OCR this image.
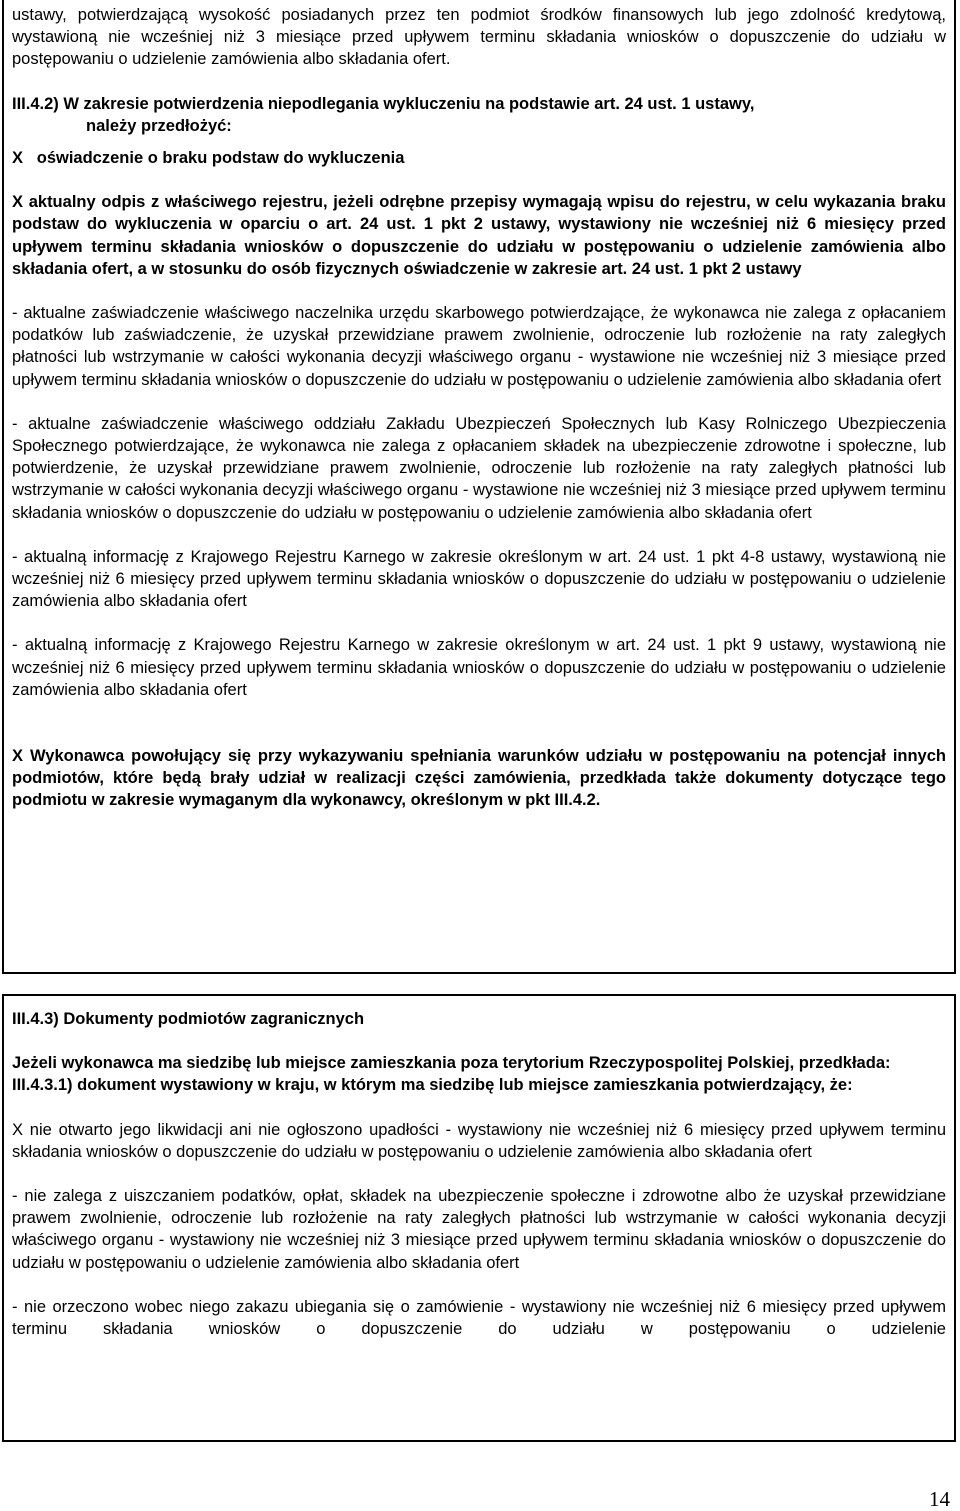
ustawy, potwierdzającą wysokość posiadanych przez ten podmiot środków finansowych lub jego zdolność kredytową, wystawioną nie wcześniej niż 3 miesiące przed upływem terminu składania wniosków o dopuszczenie do udziału w postępowaniu o udzielenie zamówienia albo składania ofert.

III.4.2) W zakresie potwierdzenia niepodlegania wykluczeniu na podstawie art. 24 ust. 1 ustawy,

należy przedłożyć:

X   oświadczenie o braku podstaw do wykluczenia

X aktualny odpis z właściwego rejestru, jeżeli odrębne przepisy wymagają wpisu do rejestru, w celu wykazania braku podstaw do wykluczenia w oparciu o art. 24 ust. 1 pkt 2 ustawy, wystawiony nie wcześniej niż 6 miesięcy przed upływem terminu składania wniosków o dopuszczenie do udziału w postępowaniu o udzielenie zamówienia albo składania ofert, a w stosunku do osób fizycznych oświadczenie w zakresie art. 24 ust. 1 pkt 2 ustawy

- aktualne zaświadczenie właściwego naczelnika urzędu skarbowego potwierdzające, że wykonawca nie zalega z opłacaniem podatków lub zaświadczenie, że uzyskał przewidziane prawem zwolnienie, odroczenie lub rozłożenie na raty zaległych płatności lub wstrzymanie w całości wykonania decyzji właściwego organu - wystawione nie wcześniej niż 3 miesiące przed upływem terminu składania wniosków o dopuszczenie do udziału w postępowaniu o udzielenie zamówienia albo składania ofert

- aktualne zaświadczenie właściwego oddziału Zakładu Ubezpieczeń Społecznych lub Kasy Rolniczego Ubezpieczenia Społecznego potwierdzające, że wykonawca nie zalega z opłacaniem składek na ubezpieczenie zdrowotne i społeczne, lub potwierdzenie, że uzyskał przewidziane prawem zwolnienie, odroczenie lub rozłożenie na raty zaległych płatności lub wstrzymanie w całości wykonania decyzji właściwego organu - wystawione nie wcześniej niż 3 miesiące przed upływem terminu składania wniosków o dopuszczenie do udziału w postępowaniu o udzielenie zamówienia albo składania ofert

- aktualną informację z Krajowego Rejestru Karnego w zakresie określonym w art. 24 ust. 1 pkt 4-8 ustawy, wystawioną nie wcześniej niż 6 miesięcy przed upływem terminu składania wniosków o dopuszczenie do udziału w postępowaniu o udzielenie zamówienia albo składania ofert

- aktualną informację z Krajowego Rejestru Karnego w zakresie określonym w art. 24 ust. 1 pkt 9 ustawy, wystawioną nie wcześniej niż 6 miesięcy przed upływem terminu składania wniosków o dopuszczenie do udziału w postępowaniu o udzielenie zamówienia albo składania ofert

X Wykonawca powołujący się przy wykazywaniu spełniania warunków udziału w postępowaniu na potencjał innych podmiotów, które będą brały udział w realizacji części zamówienia, przedkłada także dokumenty dotyczące tego podmiotu w zakresie wymaganym dla wykonawcy, określonym w pkt III.4.2.

III.4.3) Dokumenty podmiotów zagranicznych

Jeżeli wykonawca ma siedzibę lub miejsce zamieszkania poza terytorium Rzeczypospolitej Polskiej, przedkłada:

III.4.3.1) dokument wystawiony w kraju, w którym ma siedzibę lub miejsce zamieszkania potwierdzający, że:

X nie otwarto jego likwidacji ani nie ogłoszono upadłości - wystawiony nie wcześniej niż 6 miesięcy przed upływem terminu składania wniosków o dopuszczenie do udziału w postępowaniu o udzielenie zamówienia albo składania ofert

- nie zalega z uiszczaniem podatków, opłat, składek na ubezpieczenie społeczne i zdrowotne albo że uzyskał przewidziane prawem zwolnienie, odroczenie lub rozłożenie na raty zaległych płatności lub wstrzymanie w całości wykonania decyzji właściwego organu - wystawiony nie wcześniej niż 3 miesiące przed upływem terminu składania wniosków o dopuszczenie do udziału w postępowaniu o udzielenie zamówienia albo składania ofert

- nie orzeczono wobec niego zakazu ubiegania się o zamówienie - wystawiony nie wcześniej niż 6 miesięcy przed upływem terminu składania wniosków o dopuszczenie do udziału w postępowaniu o udzielenie

14
